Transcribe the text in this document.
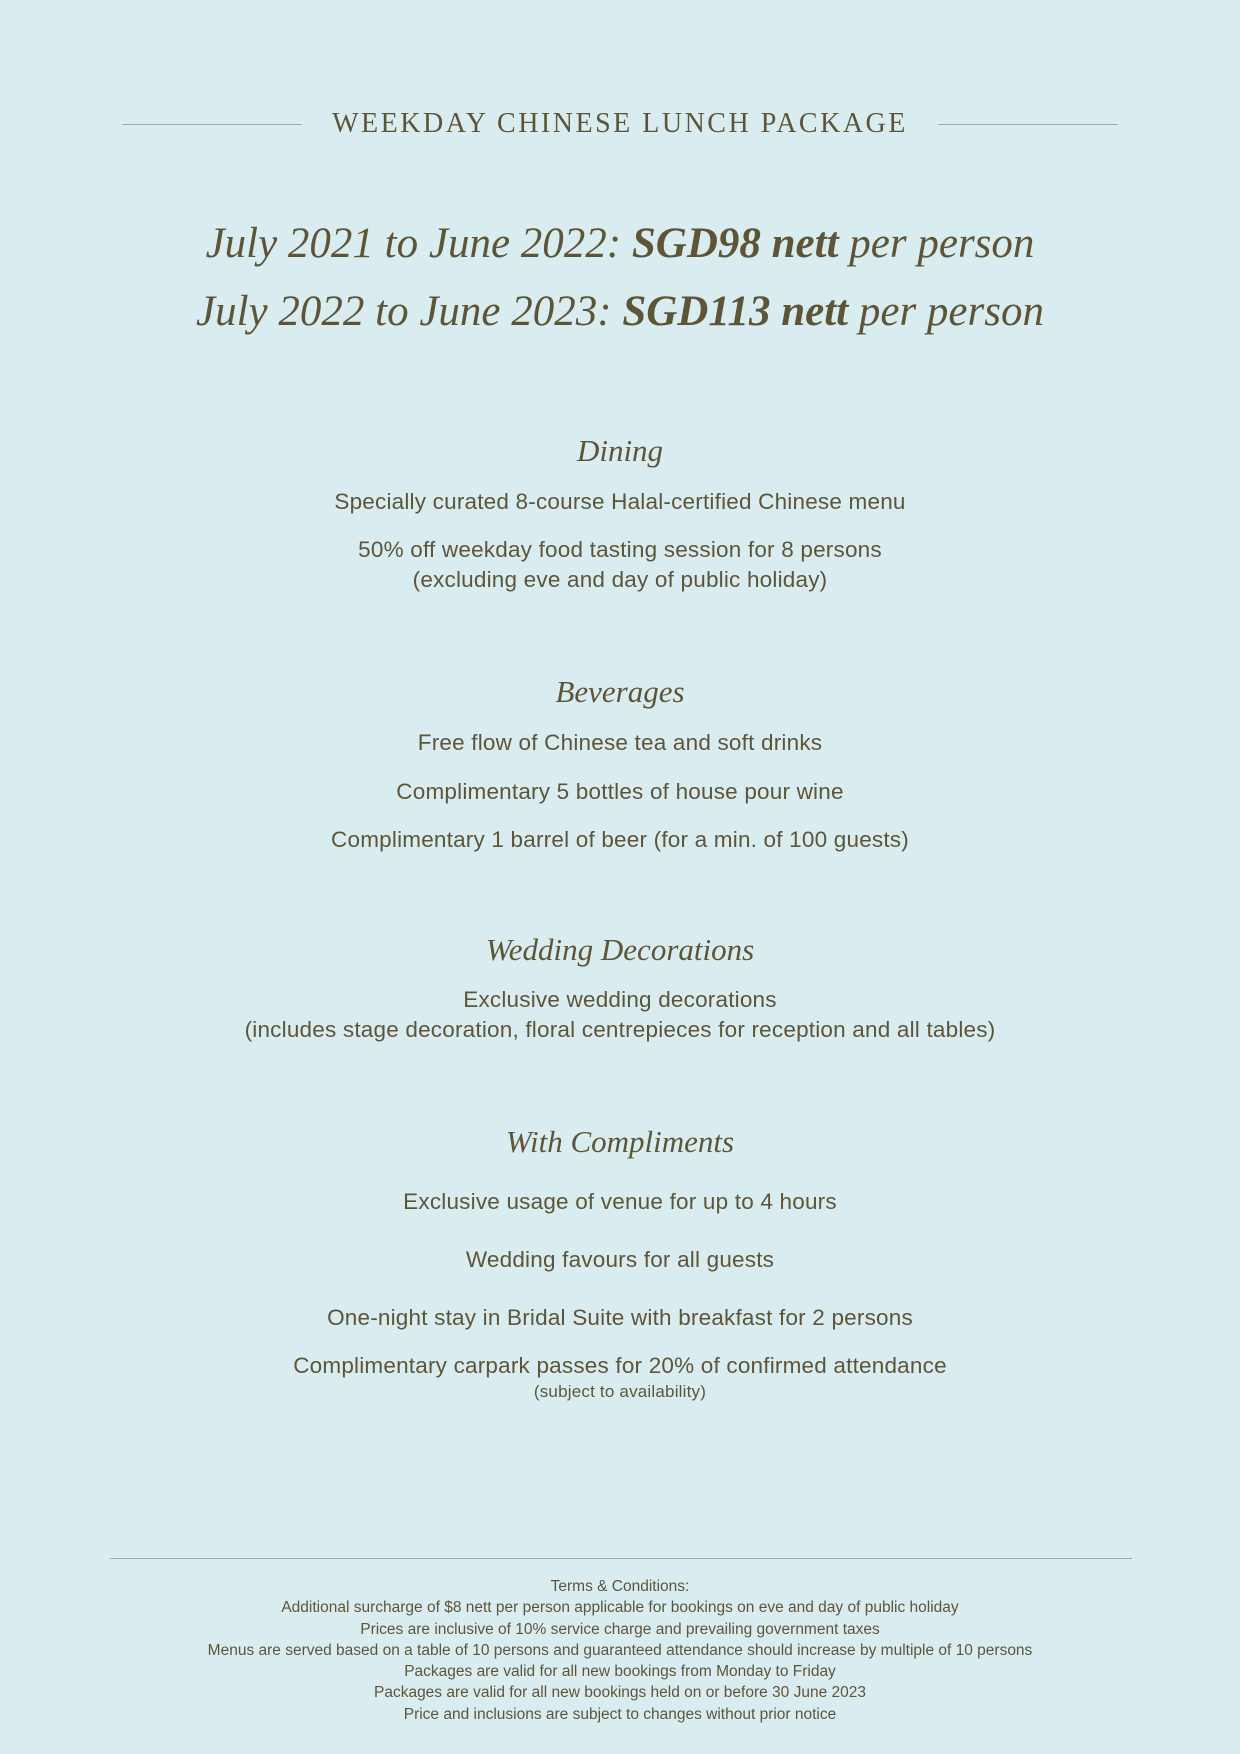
WEEKDAY CHINESE LUNCH PACKAGE
July 2021 to June 2022: SGD98 nett per person
July 2022 to June 2023: SGD113 nett per person
Dining
Specially curated 8-course Halal-certified Chinese menu
50% off weekday food tasting session for 8 persons
(excluding eve and day of public holiday)
Beverages
Free flow of Chinese tea and soft drinks
Complimentary 5 bottles of house pour wine
Complimentary 1 barrel of beer (for a min. of 100 guests)
Wedding Decorations
Exclusive wedding decorations
(includes stage decoration, floral centrepieces for reception and all tables)
With Compliments
Exclusive usage of venue for up to 4 hours
Wedding favours for all guests
One-night stay in Bridal Suite with breakfast for 2 persons
Complimentary carpark passes for 20% of confirmed attendance
(subject to availability)
Terms & Conditions:
Additional surcharge of $8 nett per person applicable for bookings on eve and day of public holiday
Prices are inclusive of 10% service charge and prevailing government taxes
Menus are served based on a table of 10 persons and guaranteed attendance should increase by multiple of 10 persons
Packages are valid for all new bookings from Monday to Friday
Packages are valid for all new bookings held on or before 30 June 2023
Price and inclusions are subject to changes without prior notice
